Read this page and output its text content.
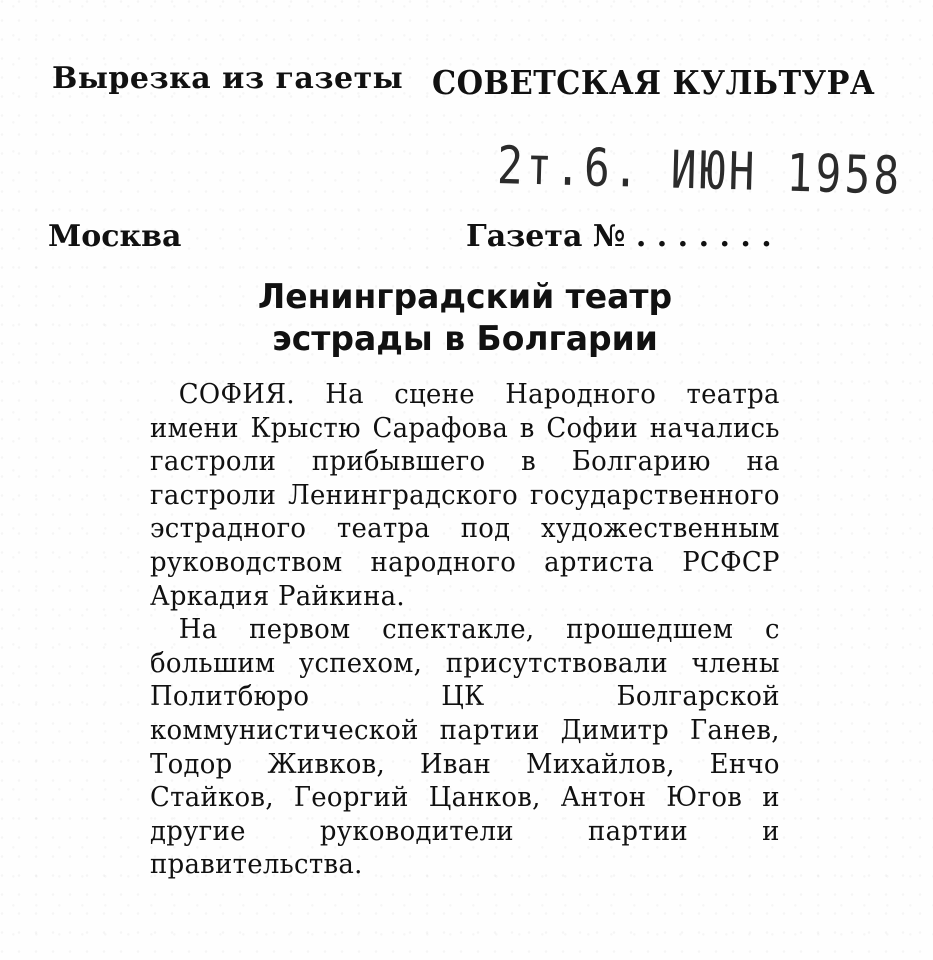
Вырезка из газеты СОВЕТСКАЯ КУЛЬТУРА
2т.6. ИЮН 1958
Москва	Газета № . . . . . . .
Ленинградский театр
эстрады в Болгарии

СОФИЯ. На сцене Народного театра имени Крыстю Сарафова в Софии начались гастроли прибывшего в Болгарию на гастроли Ленинградского государственного эстрадного театра под художественным руководством народного артиста РСФСР Аркадия Райкина.

На первом спектакле, прошедшем с большим успехом, присутствовали члены Политбюро ЦК Болгарской коммунистической партии Димитр Ганев, Тодор Живков, Иван Михайлов, Енчо Стайков, Георгий Цанков, Антон Югов и другие руководители партии и правительства.
